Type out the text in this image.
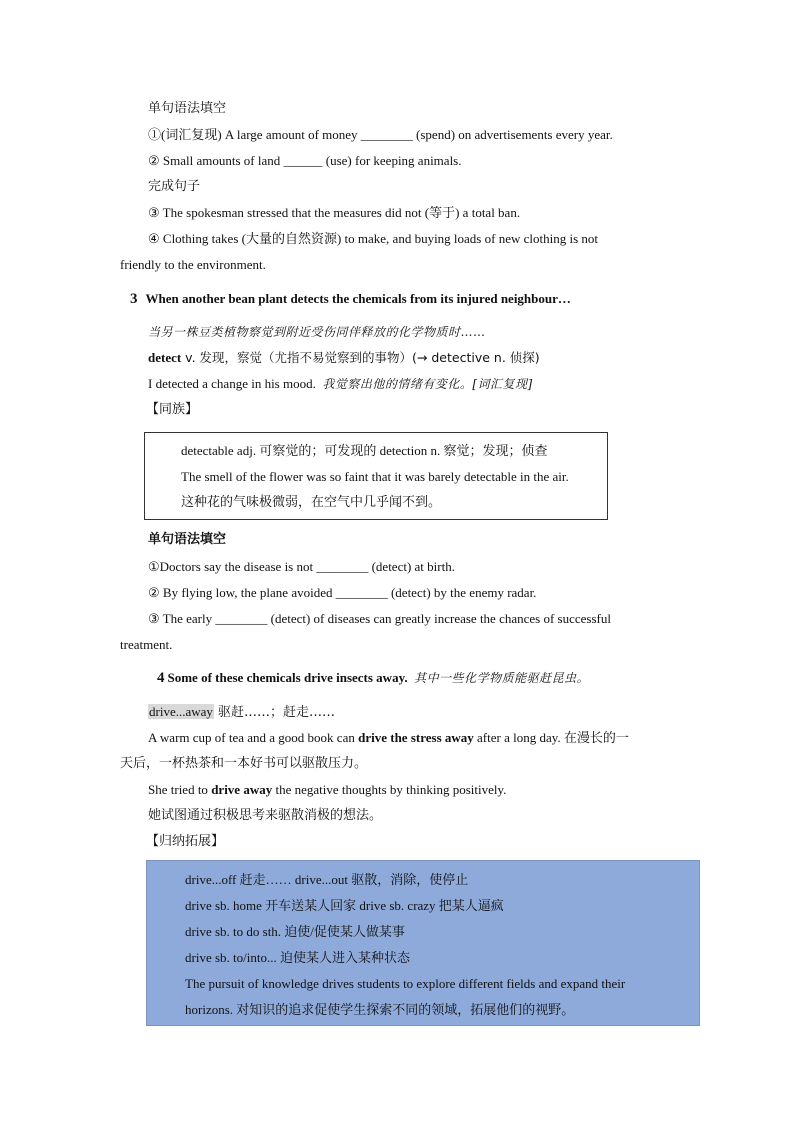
单句语法填空
①(词汇复现) A large amount of money ________ (spend) on advertisements every year.
② Small amounts of land ______ (use) for keeping animals.
完成句子
③ The spokesman stressed that the measures did not (等于) a total ban.
④ Clothing takes (大量的自然资源) to make, and buying loads of new clothing is not
friendly to the environment.
3 When another bean plant detects the chemicals from its injured neighbour…
当另一株豆类植物察觉到附近受伤同伴释放的化学物质时……
detect v. 发现，察觉（尤指不易觉察到的事物）(→ detective n. 侦探)
I detected a change in his mood. 我觉察出他的情绪有变化。[词汇复现]
【同族】
detectable adj. 可察觉的；可发现的 detection n. 察觉；发现；侦查
The smell of the flower was so faint that it was barely detectable in the air.
这种花的气味极微弱，在空气中几乎闻不到。
单句语法填空
①Doctors say the disease is not ________ (detect) at birth.
② By flying low, the plane avoided ________ (detect) by the enemy radar.
③ The early ________ (detect) of diseases can greatly increase the chances of successful
treatment.
4 Some of these chemicals drive insects away. 其中一些化学物质能驱赶昆虫。
drive...away 驱赶……；赶走……
A warm cup of tea and a good book can drive the stress away after a long day. 在漫长的一
天后，一杯热茶和一本好书可以驱散压力。
She tried to drive away the negative thoughts by thinking positively.
她试图通过积极思考来驱散消极的想法。
【归纳拓展】
drive...off 赶走…… drive...out 驱散，消除，使停止
drive sb. home 开车送某人回家 drive sb. crazy 把某人逼疯
drive sb. to do sth. 迫使/促使某人做某事
drive sb. to/into... 迫使某人进入某种状态
The pursuit of knowledge drives students to explore different fields and expand their
horizons. 对知识的追求促使学生探索不同的领域，拓展他们的视野。
